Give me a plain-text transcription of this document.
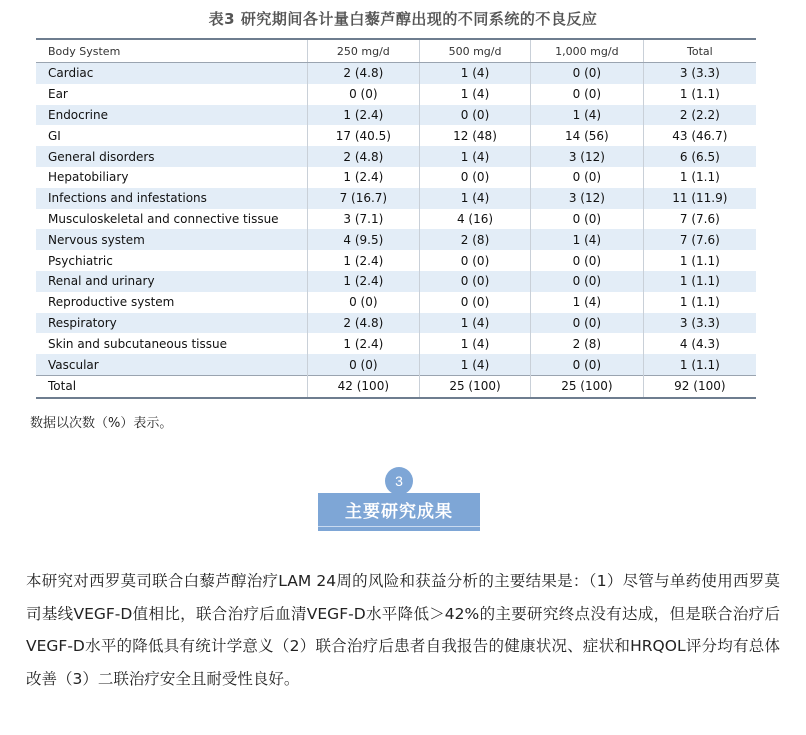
表3 研究期间各计量白藜芦醇出现的不同系统的不良反应
Body System	250 mg/d	500 mg/d	1,000 mg/d	Total
Cardiac	2 (4.8)	1 (4)	0 (0)	3 (3.3)
Ear	0 (0)	1 (4)	0 (0)	1 (1.1)
Endocrine	1 (2.4)	0 (0)	1 (4)	2 (2.2)
GI	17 (40.5)	12 (48)	14 (56)	43 (46.7)
General disorders	2 (4.8)	1 (4)	3 (12)	6 (6.5)
Hepatobiliary	1 (2.4)	0 (0)	0 (0)	1 (1.1)
Infections and infestations	7 (16.7)	1 (4)	3 (12)	11 (11.9)
Musculoskeletal and connective tissue	3 (7.1)	4 (16)	0 (0)	7 (7.6)
Nervous system	4 (9.5)	2 (8)	1 (4)	7 (7.6)
Psychiatric	1 (2.4)	0 (0)	0 (0)	1 (1.1)
Renal and urinary	1 (2.4)	0 (0)	0 (0)	1 (1.1)
Reproductive system	0 (0)	0 (0)	1 (4)	1 (1.1)
Respiratory	2 (4.8)	1 (4)	0 (0)	3 (3.3)
Skin and subcutaneous tissue	1 (2.4)	1 (4)	2 (8)	4 (4.3)
Vascular	0 (0)	1 (4)	0 (0)	1 (1.1)
Total	42 (100)	25 (100)	25 (100)	92 (100)
数据以次数（%）表示。
3
主要研究成果
本研究对西罗莫司联合白藜芦醇治疗LAM 24周的风险和获益分析的主要结果是：（1）尽管与单药使用西罗莫司基线VEGF-D值相比，联合治疗后血清VEGF-D水平降低＞42%的主要研究终点没有达成，但是联合治疗后VEGF-D水平的降低具有统计学意义（2）联合治疗后患者自我报告的健康状况、症状和HRQOL评分均有总体改善（3）二联治疗安全且耐受性良好。
